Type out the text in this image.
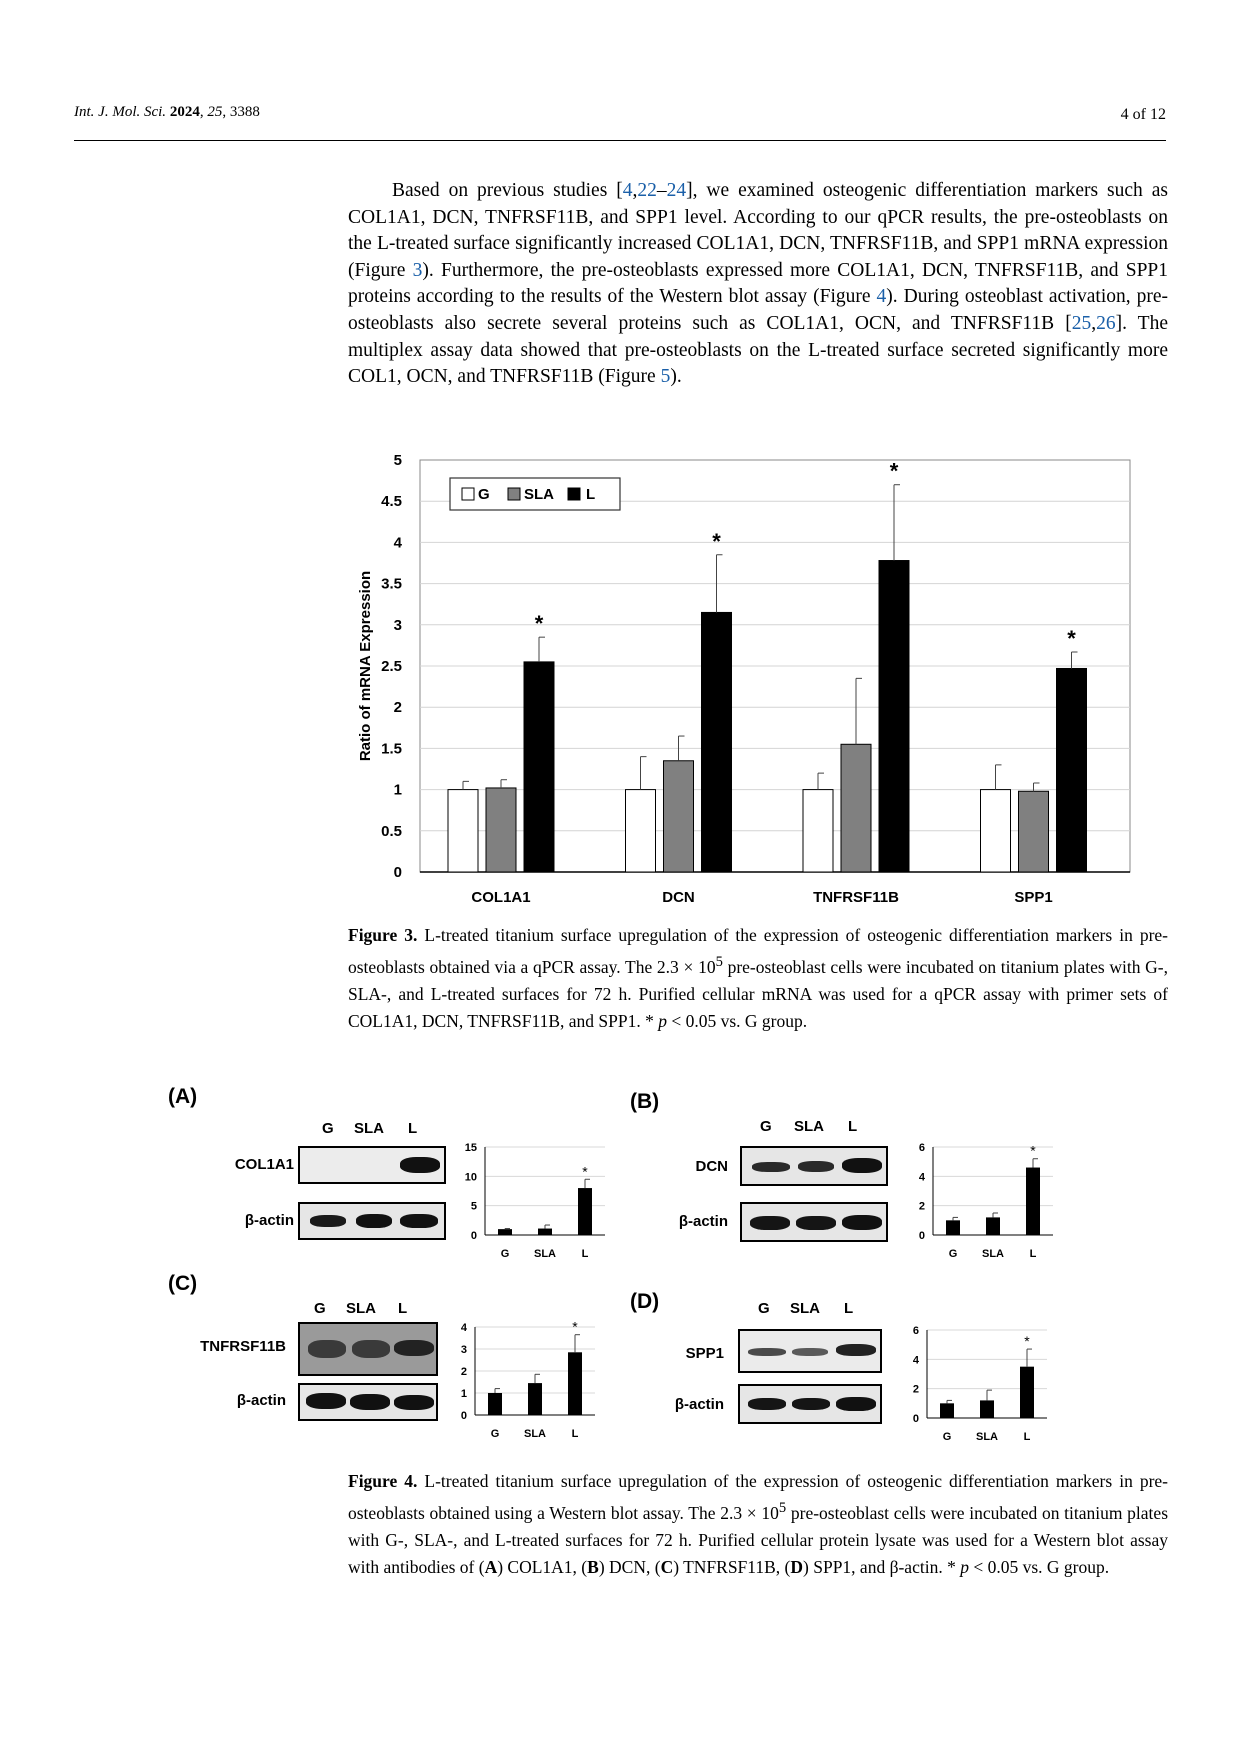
Int. J. Mol. Sci. 2024, 25, 3388	4 of 12
Based on previous studies [4,22–24], we examined osteogenic differentiation markers such as COL1A1, DCN, TNFRSF11B, and SPP1 level. According to our qPCR results, the pre-osteoblasts on the L-treated surface significantly increased COL1A1, DCN, TNFRSF11B, and SPP1 mRNA expression (Figure 3). Furthermore, the pre-osteoblasts expressed more COL1A1, DCN, TNFRSF11B, and SPP1 proteins according to the results of the Western blot assay (Figure 4). During osteoblast activation, pre-osteoblasts also secrete several proteins such as COL1A1, OCN, and TNFRSF11B [25,26]. The multiplex assay data showed that pre-osteoblasts on the L-treated surface secreted significantly more COL1, OCN, and TNFRSF11B (Figure 5).
0
0.5
1
1.5
2
2.5
3
3.5
4
4.5
5
*
*
*
*
COL1A1	DCN	TNFRSF11B	SPP1
Ratio of mRNA Expression
G SLA L
Figure 3. L-treated titanium surface upregulation of the expression of osteogenic differentiation markers in pre-osteoblasts obtained via a qPCR assay. The $2.3 \times 10^5$ pre-osteoblast cells were incubated on titanium plates with G-, SLA-, and L-treated surfaces for 72 h. Purified cellular mRNA was used for a qPCR assay with primer sets of COL1A1, DCN, TNFRSF11B, and SPP1. * p < 0.05 vs. G group.
(A)	(B)
(C)
(D)
G SLA L
COL1A1
β-actin
G SLA L
DCN
β-actin
G SLA L
TNFRSF11B
β-actin
G SLA L
SPP1
β-actin
0
5
10
15
G SLA
*
L
0
2
4
6
G SLA
*
L
0
1
2
3
4
G SLA
*
L
0
2
4
6
G SLA
*
L
Figure 4. L-treated titanium surface upregulation of the expression of osteogenic differentiation markers in pre-osteoblasts obtained using a Western blot assay. The $2.3 \times 10^5$ pre-osteoblast cells were incubated on titanium plates with G-, SLA-, and L-treated surfaces for 72 h. Purified cellular protein lysate was used for a Western blot assay with antibodies of (A) COL1A1, (B) DCN, (C) TNFRSF11B, (D) SPP1, and β-actin. * p < 0.05 vs. G group.
